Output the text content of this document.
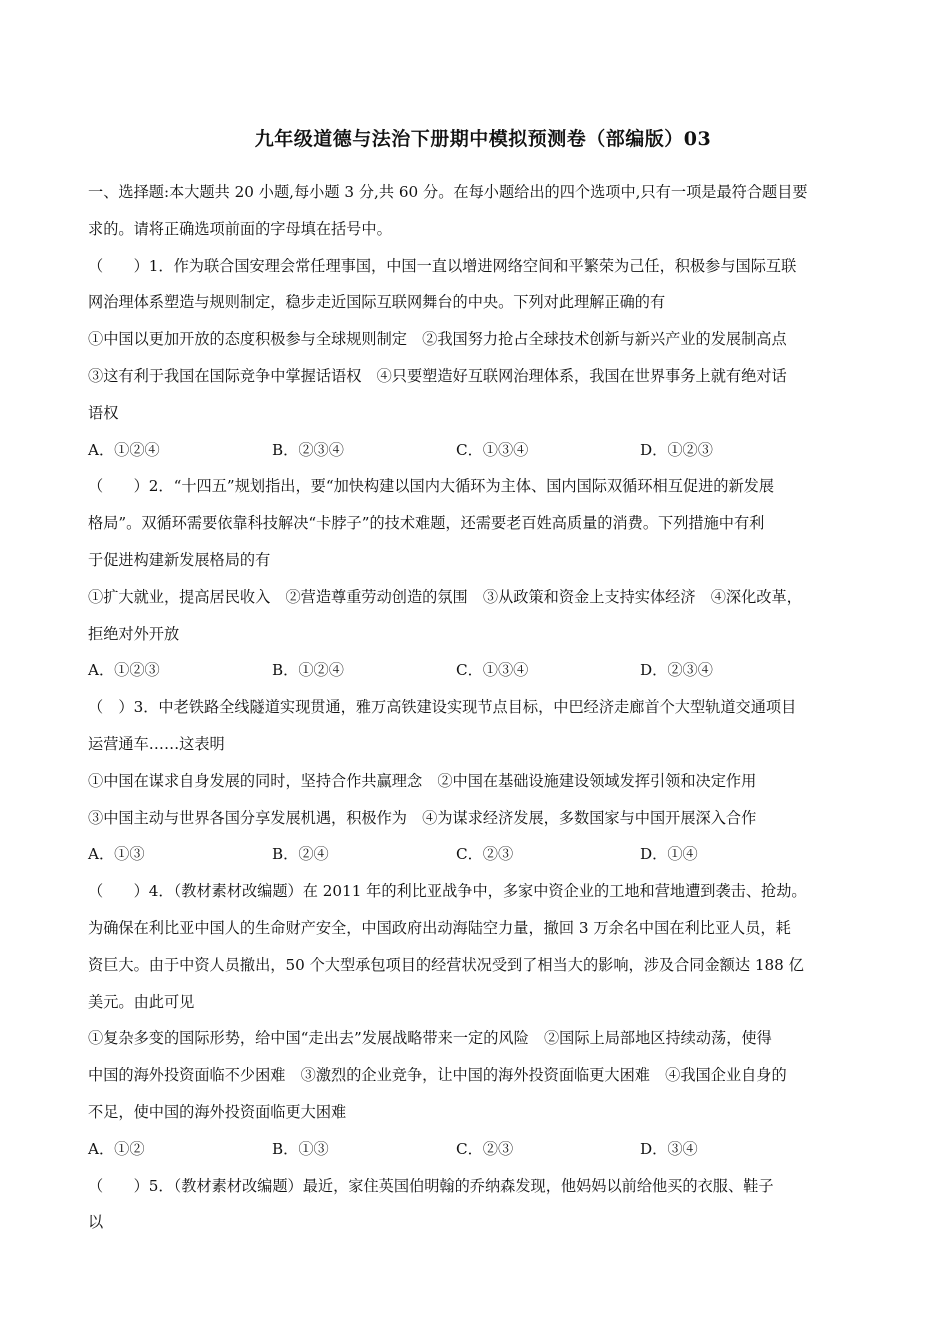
九年级道德与法治下册期中模拟预测卷（部编版）03

一、选择题:本大题共 20 小题,每小题 3 分,共 60 分。在每小题给出的四个选项中,只有一项是最符合题目要

求的。请将正确选项前面的字母填在括号中。

（　　）1．作为联合国安理会常任理事国，中国一直以增进网络空间和平繁荣为己任，积极参与国际互联

网治理体系塑造与规则制定，稳步走近国际互联网舞台的中央。下列对此理解正确的有

①中国以更加开放的态度积极参与全球规则制定　②我国努力抢占全球技术创新与新兴产业的发展制高点

③这有利于我国在国际竞争中掌握话语权　④只要塑造好互联网治理体系，我国在世界事务上就有绝对话

语权

A．①②④	B．②③④	C．①③④	D．①②③

（　　）2．“十四五”规划指出，要“加快构建以国内大循环为主体、国内国际双循环相互促进的新发展

格局”。双循环需要依靠科技解决“卡脖子”的技术难题，还需要老百姓高质量的消费。下列措施中有利

于促进构建新发展格局的有

①扩大就业，提高居民收入　②营造尊重劳动创造的氛围　③从政策和资金上支持实体经济　④深化改革，

拒绝对外开放

A．①②③	B．①②④	C．①③④	D．②③④

（　）3．中老铁路全线隧道实现贯通，雅万高铁建设实现节点目标，中巴经济走廊首个大型轨道交通项目

运营通车……这表明

①中国在谋求自身发展的同时，坚持合作共赢理念　②中国在基础设施建设领域发挥引领和决定作用

③中国主动与世界各国分享发展机遇，积极作为　④为谋求经济发展，多数国家与中国开展深入合作

A．①③	B．②④	C．②③	D．①④

（　　）4．（教材素材改编题）在 2011 年的利比亚战争中，多家中资企业的工地和营地遭到袭击、抢劫。

为确保在利比亚中国人的生命财产安全，中国政府出动海陆空力量，撤回 3 万余名中国在利比亚人员，耗

资巨大。由于中资人员撤出，50 个大型承包项目的经营状况受到了相当大的影响，涉及合同金额达 188 亿

美元。由此可见

①复杂多变的国际形势，给中国“走出去”发展战略带来一定的风险　②国际上局部地区持续动荡，使得

中国的海外投资面临不少困难　③激烈的企业竞争，让中国的海外投资面临更大困难　④我国企业自身的

不足，使中国的海外投资面临更大困难

A．①②	B．①③	C．②③	D．③④

（　　）5．（教材素材改编题）最近，家住英国伯明翰的乔纳森发现，他妈妈以前给他买的衣服、鞋子

以
